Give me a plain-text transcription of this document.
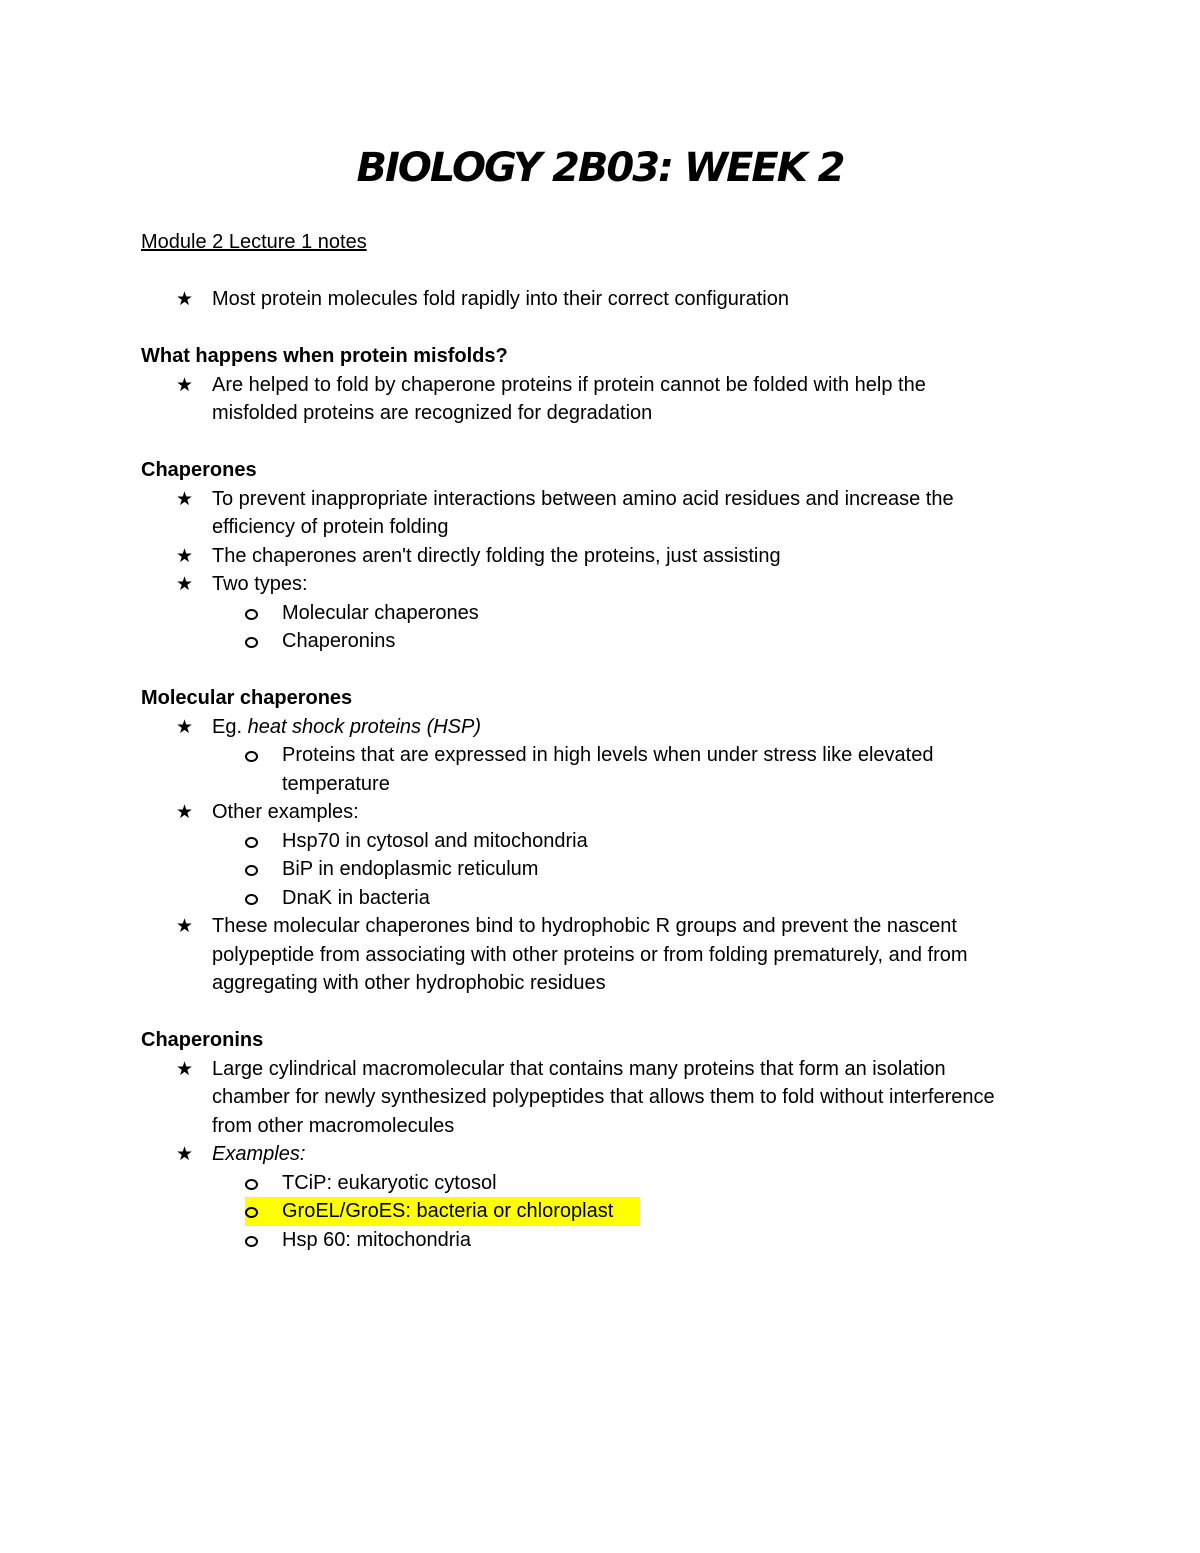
BIOLOGY 2B03: WEEK 2
Module 2 Lecture 1 notes
★ Most protein molecules fold rapidly into their correct configuration
What happens when protein misfolds?
★ Are helped to fold by chaperone proteins if protein cannot be folded with help the
misfolded proteins are recognized for degradation
Chaperones
★ To prevent inappropriate interactions between amino acid residues and increase the
efficiency of protein folding
★ The chaperones aren't directly folding the proteins, just assisting
★ Two types:
Molecular chaperones
Chaperonins
Molecular chaperones
★ Eg. heat shock proteins (HSP)
Proteins that are expressed in high levels when under stress like elevated
temperature
★ Other examples:
Hsp70 in cytosol and mitochondria
BiP in endoplasmic reticulum
DnaK in bacteria
★ These molecular chaperones bind to hydrophobic R groups and prevent the nascent
polypeptide from associating with other proteins or from folding prematurely, and from
aggregating with other hydrophobic residues
Chaperonins
★ Large cylindrical macromolecular that contains many proteins that form an isolation
chamber for newly synthesized polypeptides that allows them to fold without interference
from other macromolecules
★ Examples:
TCiP: eukaryotic cytosol
GroEL/GroES: bacteria or chloroplast
Hsp 60: mitochondria
